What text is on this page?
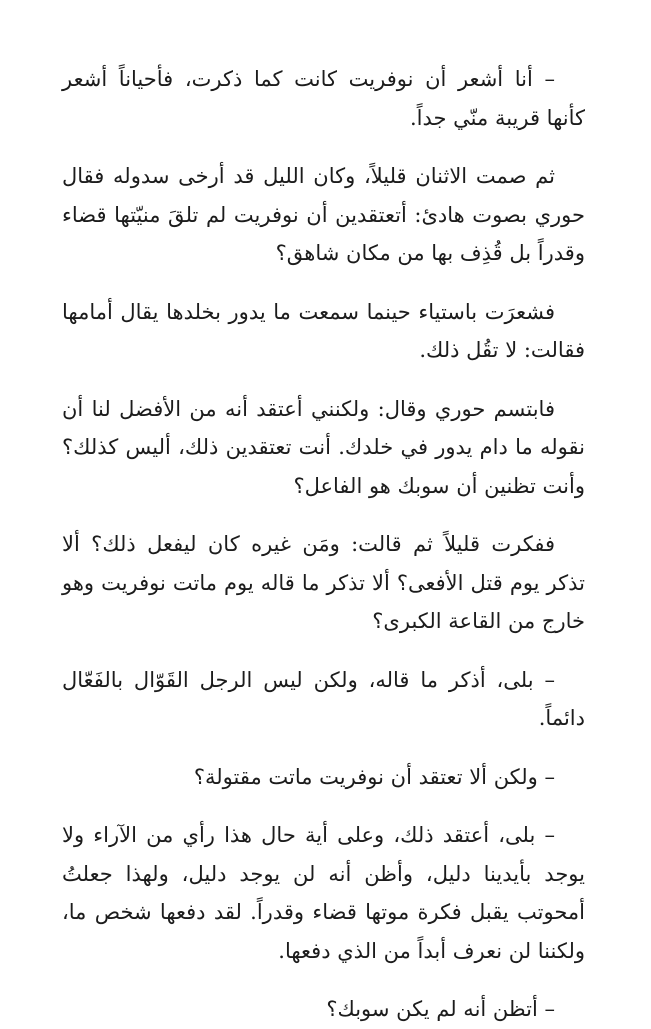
– أنا أشعر أن نوفريت كانت كما ذكرت، فأحياناً أشعر كأنها قريبة منّي جداً.

ثم صمت الاثنان قليلاً، وكان الليل قد أرخى سدوله فقال حوري بصوت هادئ: أتعتقدين أن نوفريت لم تلقَ منيّتها قضاء وقدراً بل قُذِف بها من مكان شاهق؟

فشعرَت باستياء حينما سمعت ما يدور بخلدها يقال أمامها فقالت: لا تقُل ذلك.

فابتسم حوري وقال: ولكنني أعتقد أنه من الأفضل لنا أن نقوله ما دام يدور في خلدك. أنت تعتقدين ذلك، أليس كذلك؟ وأنت تظنين أن سوبك هو الفاعل؟

ففكرت قليلاً ثم قالت: ومَن غيره كان ليفعل ذلك؟ ألا تذكر يوم قتل الأفعى؟ ألا تذكر ما قاله يوم ماتت نوفريت وهو خارج من القاعة الكبرى؟

– بلى، أذكر ما قاله، ولكن ليس الرجل القَوّال بالفَعّال دائماً.

– ولكن ألا تعتقد أن نوفريت ماتت مقتولة؟

– بلى، أعتقد ذلك، وعلى أية حال هذا رأي من الآراء ولا يوجد بأيدينا دليل، وأظن أنه لن يوجد دليل، ولهذا جعلتُ أمحوتب يقبل فكرة موتها قضاء وقدراً. لقد دفعها شخص ما، ولكننا لن نعرف أبداً من الذي دفعها.

– أتظن أنه لم يكن سوبك؟
